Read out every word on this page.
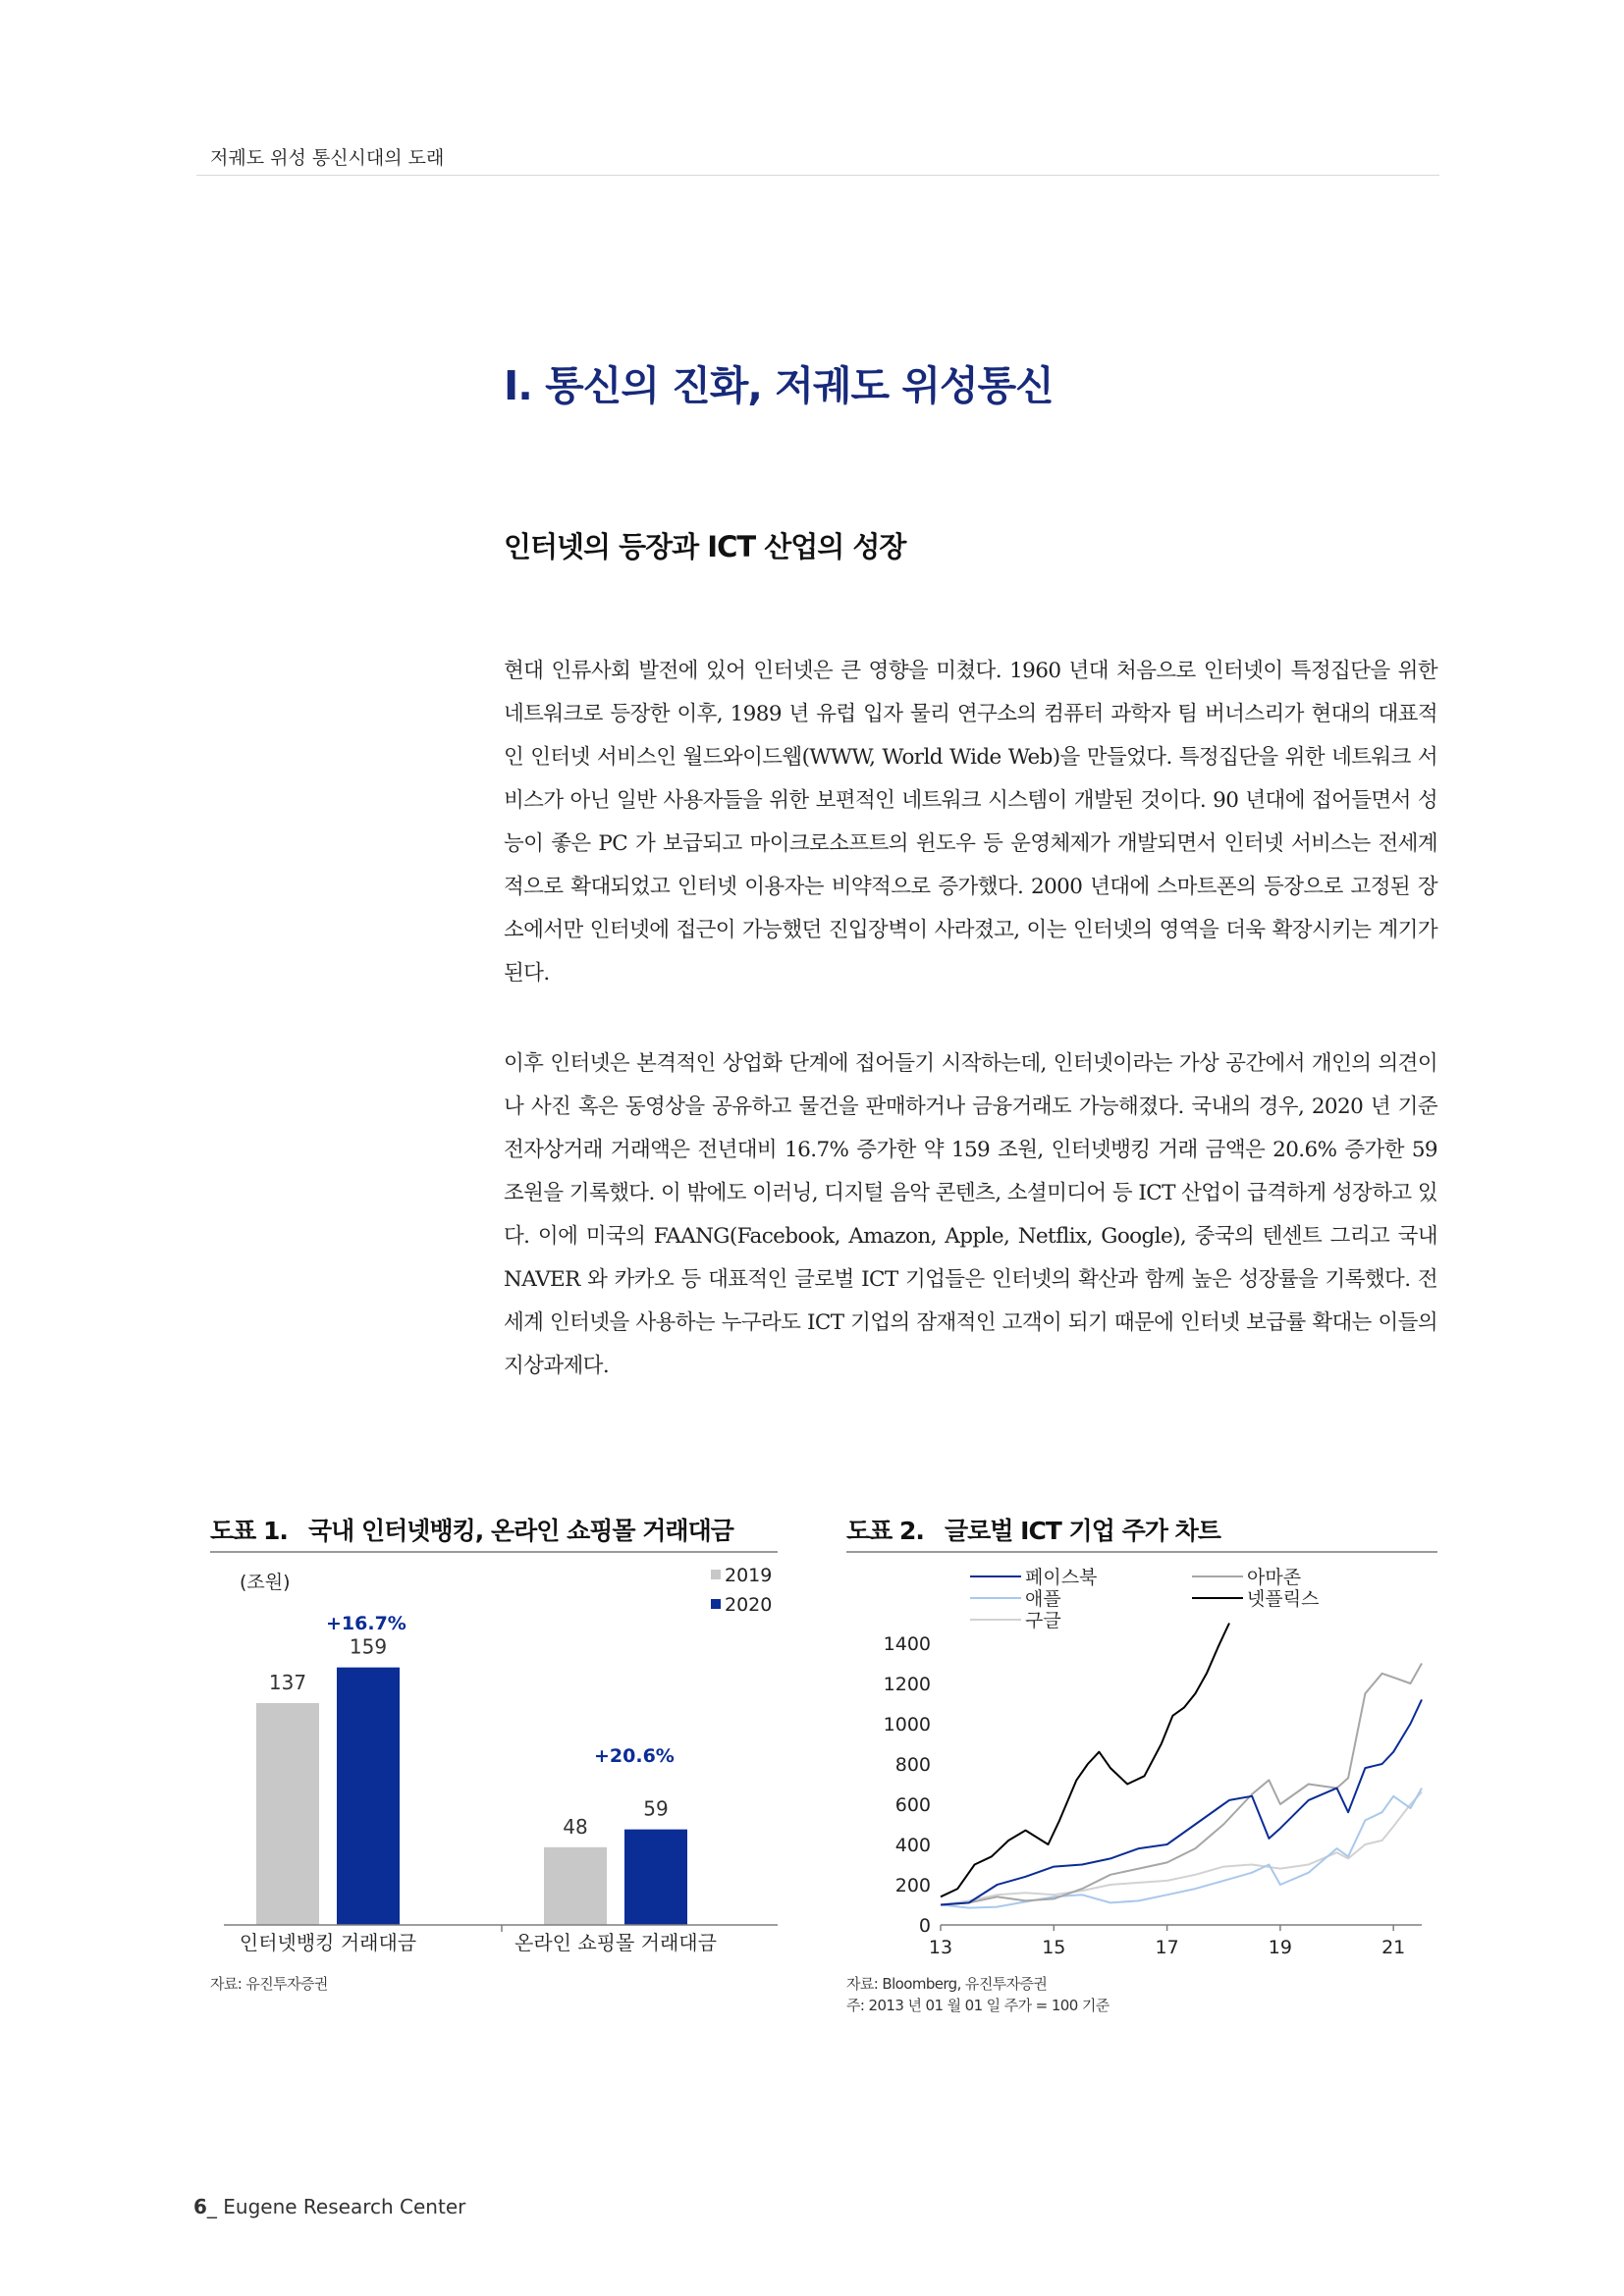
저궤도 위성 통신시대의 도래
I. 통신의 진화, 저궤도 위성통신
인터넷의 등장과 ICT 산업의 성장

현대 인류사회 발전에 있어 인터넷은 큰 영향을 미쳤다. 1960 년대 처음으로 인터넷이 특정집단을 위한 네트워크로 등장한 이후, 1989 년 유럽 입자 물리 연구소의 컴퓨터 과학자 팀 버너스리가 현대의 대표적인 인터넷 서비스인 월드와이드웹(WWW, World Wide Web)을 만들었다. 특정집단을 위한 네트워크 서비스가 아닌 일반 사용자들을 위한 보편적인 네트워크 시스템이 개발된 것이다. 90 년대에 접어들면서 성능이 좋은 PC 가 보급되고 마이크로소프트의 윈도우 등 운영체제가 개발되면서 인터넷 서비스는 전세계적으로 확대되었고 인터넷 이용자는 비약적으로 증가했다. 2000 년대에 스마트폰의 등장으로 고정된 장소에서만 인터넷에 접근이 가능했던 진입장벽이 사라졌고, 이는 인터넷의 영역을 더욱 확장시키는 계기가 된다.

이후 인터넷은 본격적인 상업화 단계에 접어들기 시작하는데, 인터넷이라는 가상 공간에서 개인의 의견이나 사진 혹은 동영상을 공유하고 물건을 판매하거나 금융거래도 가능해졌다. 국내의 경우, 2020 년 기준 전자상거래 거래액은 전년대비 16.7% 증가한 약 159 조원, 인터넷뱅킹 거래 금액은 20.6% 증가한 59 조원을 기록했다. 이 밖에도 이러닝, 디지털 음악 콘텐츠, 소셜미디어 등 ICT 산업이 급격하게 성장하고 있다. 이에 미국의 FAANG(Facebook, Amazon, Apple, Netflix, Google), 중국의 텐센트 그리고 국내 NAVER 와 카카오 등 대표적인 글로벌 ICT 기업들은 인터넷의 확산과 함께 높은 성장률을 기록했다. 전세계 인터넷을 사용하는 누구라도 ICT 기업의 잠재적인 고객이 되기 때문에 인터넷 보급률 확대는 이들의 지상과제다.

도표 1. 국내 인터넷뱅킹, 온라인 쇼핑몰 거래대금
(조원)	2019
2020
+16.7%
+20.6%
인터넷뱅킹 거래대금	온라인 쇼핑몰 거래대금
137
159
48
59
자료: 유진투자증권
도표 2. 글로벌 ICT 기업 주가 차트
페이스북
애플
구글
아마존
넷플릭스
0
200
400
600
800
1000
1200
1400
13	15	17	19	21
자료: Bloomberg, 유진투자증권
주: 2013 년 01 월 01 일 주가 = 100 기준
6_ Eugene Research Center
